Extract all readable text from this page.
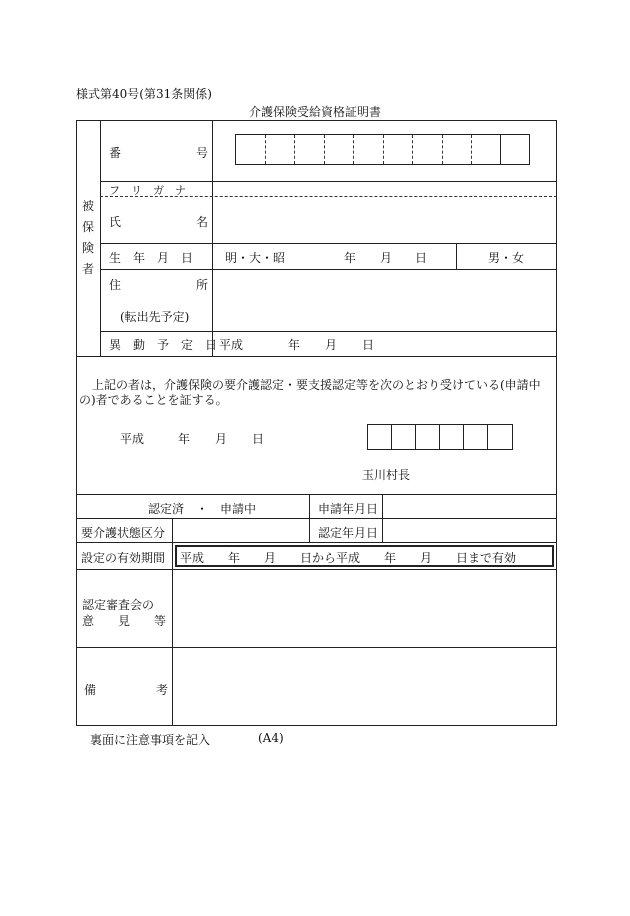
様式第40号(第31条関係)
介護保険受給資格証明書
被保険者
番	号
フ　リ　ガ　ナ
氏	名
生　年　月　日	明・大・昭	年 月 日	男・女
住	所
(転出先予定)
異　動　予　定　日 平成	年 月 日
上記の者は，介護保険の要介護認定・要支援認定等を次のとおり受けている(申請中
の)者であることを証する。
平成	年 月 日
玉川村長
認定済　・　申請中	申請年月日
要介護状態区分	認定年月日
設定の有効期間 平成　　年　　月　　日から平成　　年　　月　　日まで有効
認定審査会の
意　　見　　等
備	考
裏面に注意事項を記入	(A4)
